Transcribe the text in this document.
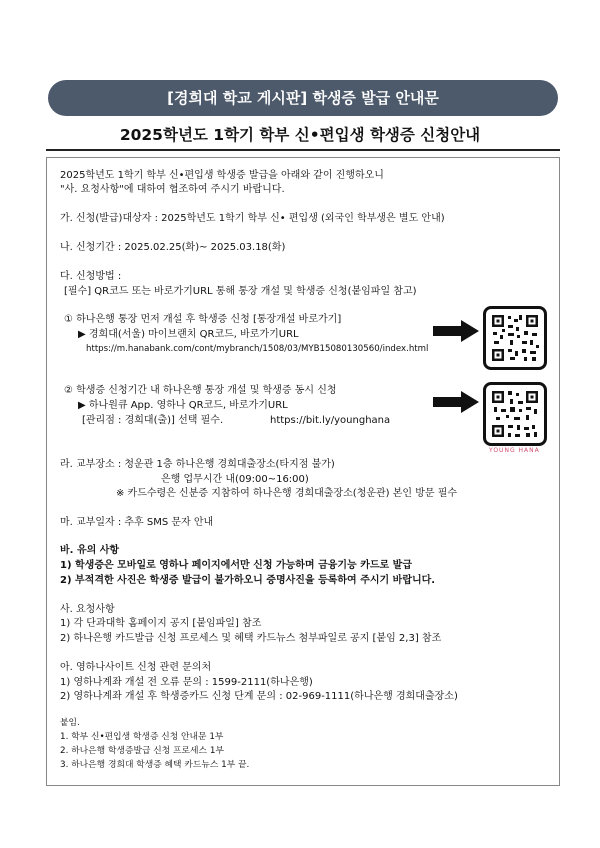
[경희대 학교 게시판] 학생증 발급 안내문
2025학년도 1학기 학부 신•편입생 학생증 신청안내
2025학년도 1학기 학부 신•편입생 학생증 발급을 아래와 같이 진행하오니
"사. 요청사항"에 대하여 협조하여 주시기 바랍니다.
가. 신청(발급)대상자 : 2025학년도 1학기 학부 신• 편입생 (외국인 학부생은 별도 안내)
나. 신청기간 : 2025.02.25(화)~ 2025.03.18(화)
다. 신청방법 :
[필수] QR코드 또는 바로가기URL 통해 통장 개설 및 학생증 신청(붙임파일 참고)
① 하나은행 통장 먼저 개설 후 학생증 신청 [통장개설 바로가기]
▶ 경희대(서울) 마이브랜치 QR코드, 바로가기URL
https://m.hanabank.com/cont/mybranch/1508/03/MYB15080130560/index.html
② 학생증 신청기간 내 하나은행 통장 개설 및 학생증 동시 신청
▶ 하나원큐 App. 영하나 QR코드, 바로가기URL
[관리점 : 경희대(출)] 선택 필수.	https://bit.ly/younghana
YOUNG HANA
라. 교부장소 : 청운관 1층 하나은행 경희대출장소(타지점 불가)
은행 업무시간 내(09:00~16:00)
※ 카드수령은 신분증 지참하여 하나은행 경희대출장소(청운관) 본인 방문 필수
마. 교부일자 : 추후 SMS 문자 안내
바. 유의 사항
1) 학생증은 모바일로 영하나 페이지에서만 신청 가능하며 금융기능 카드로 발급
2) 부적격한 사진은 학생증 발급이 불가하오니 증명사진을 등록하여 주시기 바랍니다.
사. 요청사항
1) 각 단과대학 홈페이지 공지 [붙임파일] 참조
2) 하나은행 카드발급 신청 프로세스 및 혜택 카드뉴스 첨부파일로 공지 [붙임 2,3] 참조
아. 영하나사이트 신청 관련 문의처
1) 영하나계좌 개설 전 오류 문의 : 1599-2111(하나은행)
2) 영하나계좌 개설 후 학생증카드 신청 단계 문의 : 02-969-1111(하나은행 경희대출장소)
붙임.
1. 학부 신•편입생 학생증 신청 안내문 1부
2. 하나은행 학생증발급 신청 프로세스 1부
3. 하나은행 경희대 학생증 혜택 카드뉴스 1부 끝.
